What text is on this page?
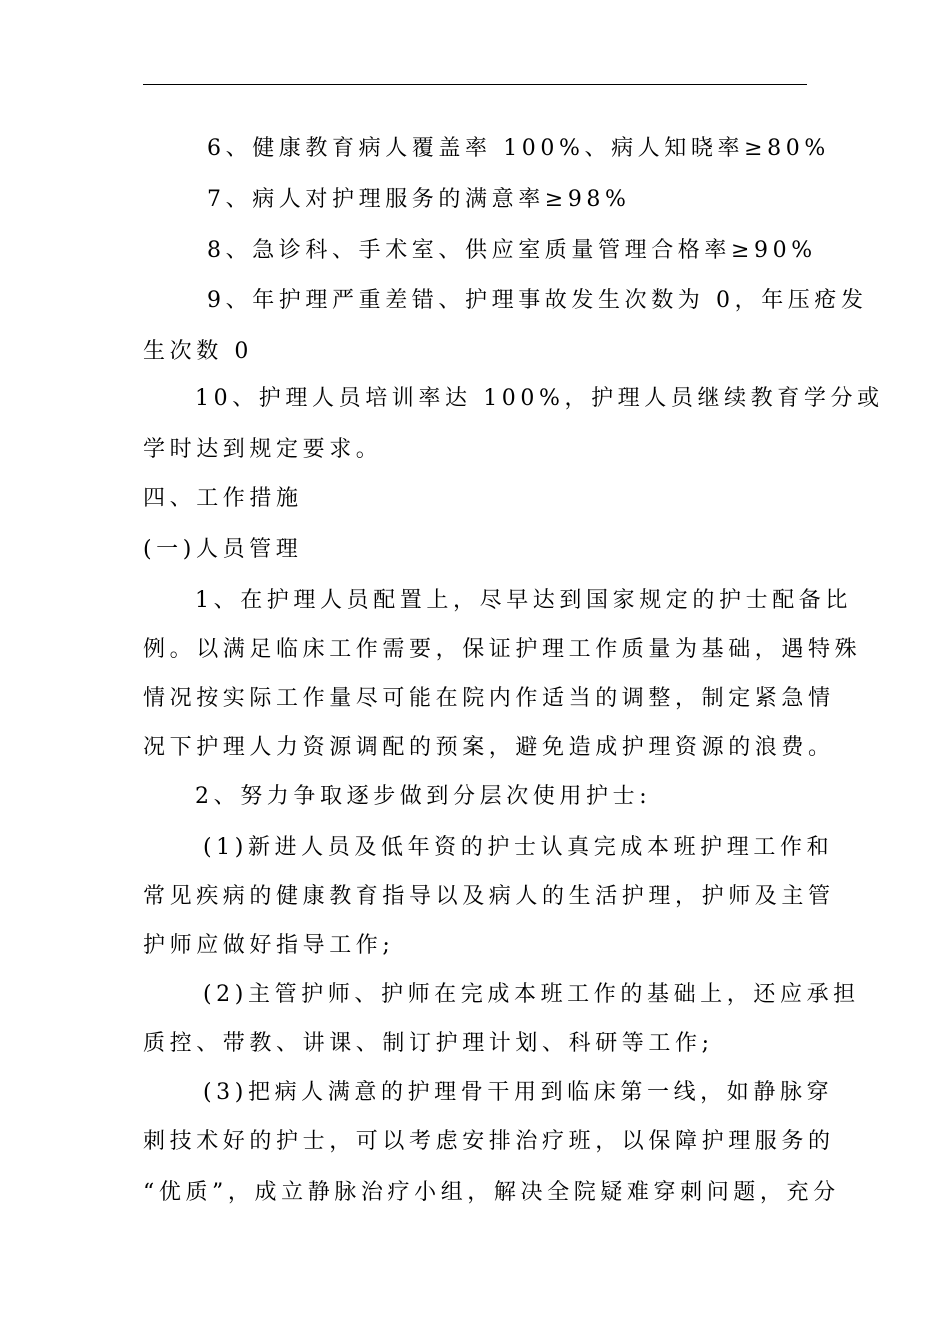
6、健康教育病人覆盖率 100%、病人知晓率≥80%
7、病人对护理服务的满意率≥98%
8、急诊科、手术室、供应室质量管理合格率≥90%
9、年护理严重差错、护理事故发生次数为 0，年压疮发
生次数 0
10、护理人员培训率达 100%，护理人员继续教育学分或
学时达到规定要求。
四、工作措施
(一)人员管理
1、在护理人员配置上，尽早达到国家规定的护士配备比
例。以满足临床工作需要，保证护理工作质量为基础，遇特殊
情况按实际工作量尽可能在院内作适当的调整，制定紧急情
况下护理人力资源调配的预案，避免造成护理资源的浪费。
2、努力争取逐步做到分层次使用护士:
(1)新进人员及低年资的护士认真完成本班护理工作和
常见疾病的健康教育指导以及病人的生活护理，护师及主管
护师应做好指导工作;
(2)主管护师、护师在完成本班工作的基础上，还应承担
质控、带教、讲课、制订护理计划、科研等工作;
(3)把病人满意的护理骨干用到临床第一线，如静脉穿
刺技术好的护士，可以考虑安排治疗班，以保障护理服务的
“优质”，成立静脉治疗小组，解决全院疑难穿刺问题，充分
